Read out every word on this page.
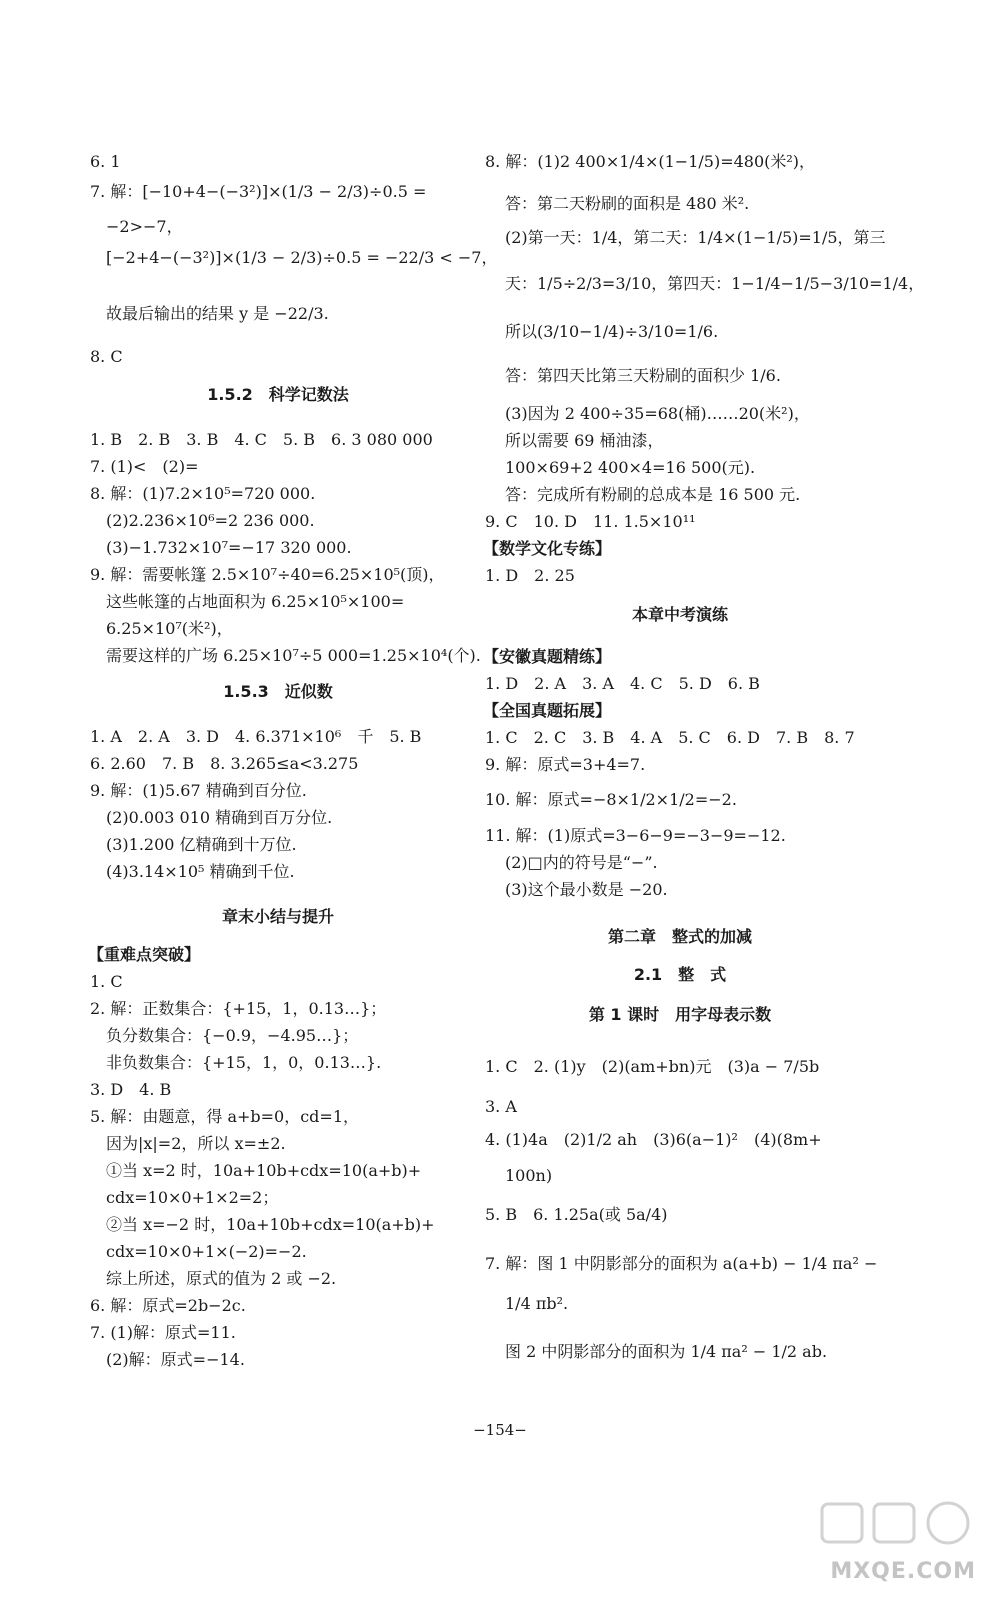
6. 1
7. 解：[−10+4−(−3²)]×(1/3 − 2/3)÷0.5 =
−2>−7，
[−2+4−(−3²)]×(1/3 − 2/3)÷0.5 = −22/3 < −7，
故最后输出的结果 y 是 −22/3.
8. C
1. B　2. B　3. B　4. C　5. B　6. 3 080 000
7. (1)<　(2)=
8. 解：(1)7.2×10⁵=720 000.
(2)2.236×10⁶=2 236 000.
(3)−1.732×10⁷=−17 320 000.
9. 解：需要帐篷 2.5×10⁷÷40=6.25×10⁵(顶)，
这些帐篷的占地面积为 6.25×10⁵×100=
6.25×10⁷(米²)，
需要这样的广场 6.25×10⁷÷5 000=1.25×10⁴(个).
1. A　2. A　3. D　4. 6.371×10⁶　千　5. B
6. 2.60　7. B　8. 3.265≤a<3.275
9. 解：(1)5.67 精确到百分位.
(2)0.003 010 精确到百万分位.
(3)1.200 亿精确到十万位.
(4)3.14×10⁵ 精确到千位.
1. C
2. 解：正数集合：{+15，1，0.13…}；
负分数集合：{−0.9，−4.95…}；
非负数集合：{+15，1，0，0.13…}.
3. D　4. B
5. 解：由题意，得 a+b=0，cd=1，
因为|x|=2，所以 x=±2.
①当 x=2 时，10a+10b+cdx=10(a+b)+
cdx=10×0+1×2=2；
②当 x=−2 时，10a+10b+cdx=10(a+b)+
cdx=10×0+1×(−2)=−2.
综上所述，原式的值为 2 或 −2.
6. 解：原式=2b−2c.
7. (1)解：原式=11.
(2)解：原式=−14.
1.5.2　科学记数法
1.5.3　近似数
章末小结与提升
【重难点突破】
8. 解：(1)2 400×1/4×(1−1/5)=480(米²)，
答：第二天粉刷的面积是 480 米².
(2)第一天：1/4，第二天：1/4×(1−1/5)=1/5，第三
天：1/5÷2/3=3/10，第四天：1−1/4−1/5−3/10=1/4，
所以(3/10−1/4)÷3/10=1/6.
答：第四天比第三天粉刷的面积少 1/6.
(3)因为 2 400÷35=68(桶)……20(米²)，
所以需要 69 桶油漆，
100×69+2 400×4=16 500(元).
答：完成所有粉刷的总成本是 16 500 元.
9. C　10. D　11. 1.5×10¹¹
1. D　2. 25
1. D　2. A　3. A　4. C　5. D　6. B
1. C　2. C　3. B　4. A　5. C　6. D　7. B　8. 7
9. 解：原式=3+4=7.
10. 解：原式=−8×1/2×1/2=−2.
11. 解：(1)原式=3−6−9=−3−9=−12.
(2)□内的符号是“−”.
(3)这个最小数是 −20.
1. C　2. (1)y　(2)(am+bn)元　(3)a − 7/5b
3. A
4. (1)4a　(2)1/2 ah　(3)6(a−1)²　(4)(8m+
100n)
5. B　6. 1.25a(或 5a/4)
7. 解：图 1 中阴影部分的面积为 a(a+b) − 1/4 πa² −
1/4 πb².
图 2 中阴影部分的面积为 1/4 πa² − 1/2 ab.
本章中考演练
第二章　整式的加减
2.1　整　式
第 1 课时　用字母表示数
【数学文化专练】
【安徽真题精练】
【全国真题拓展】
−154−
MXQE.COM
